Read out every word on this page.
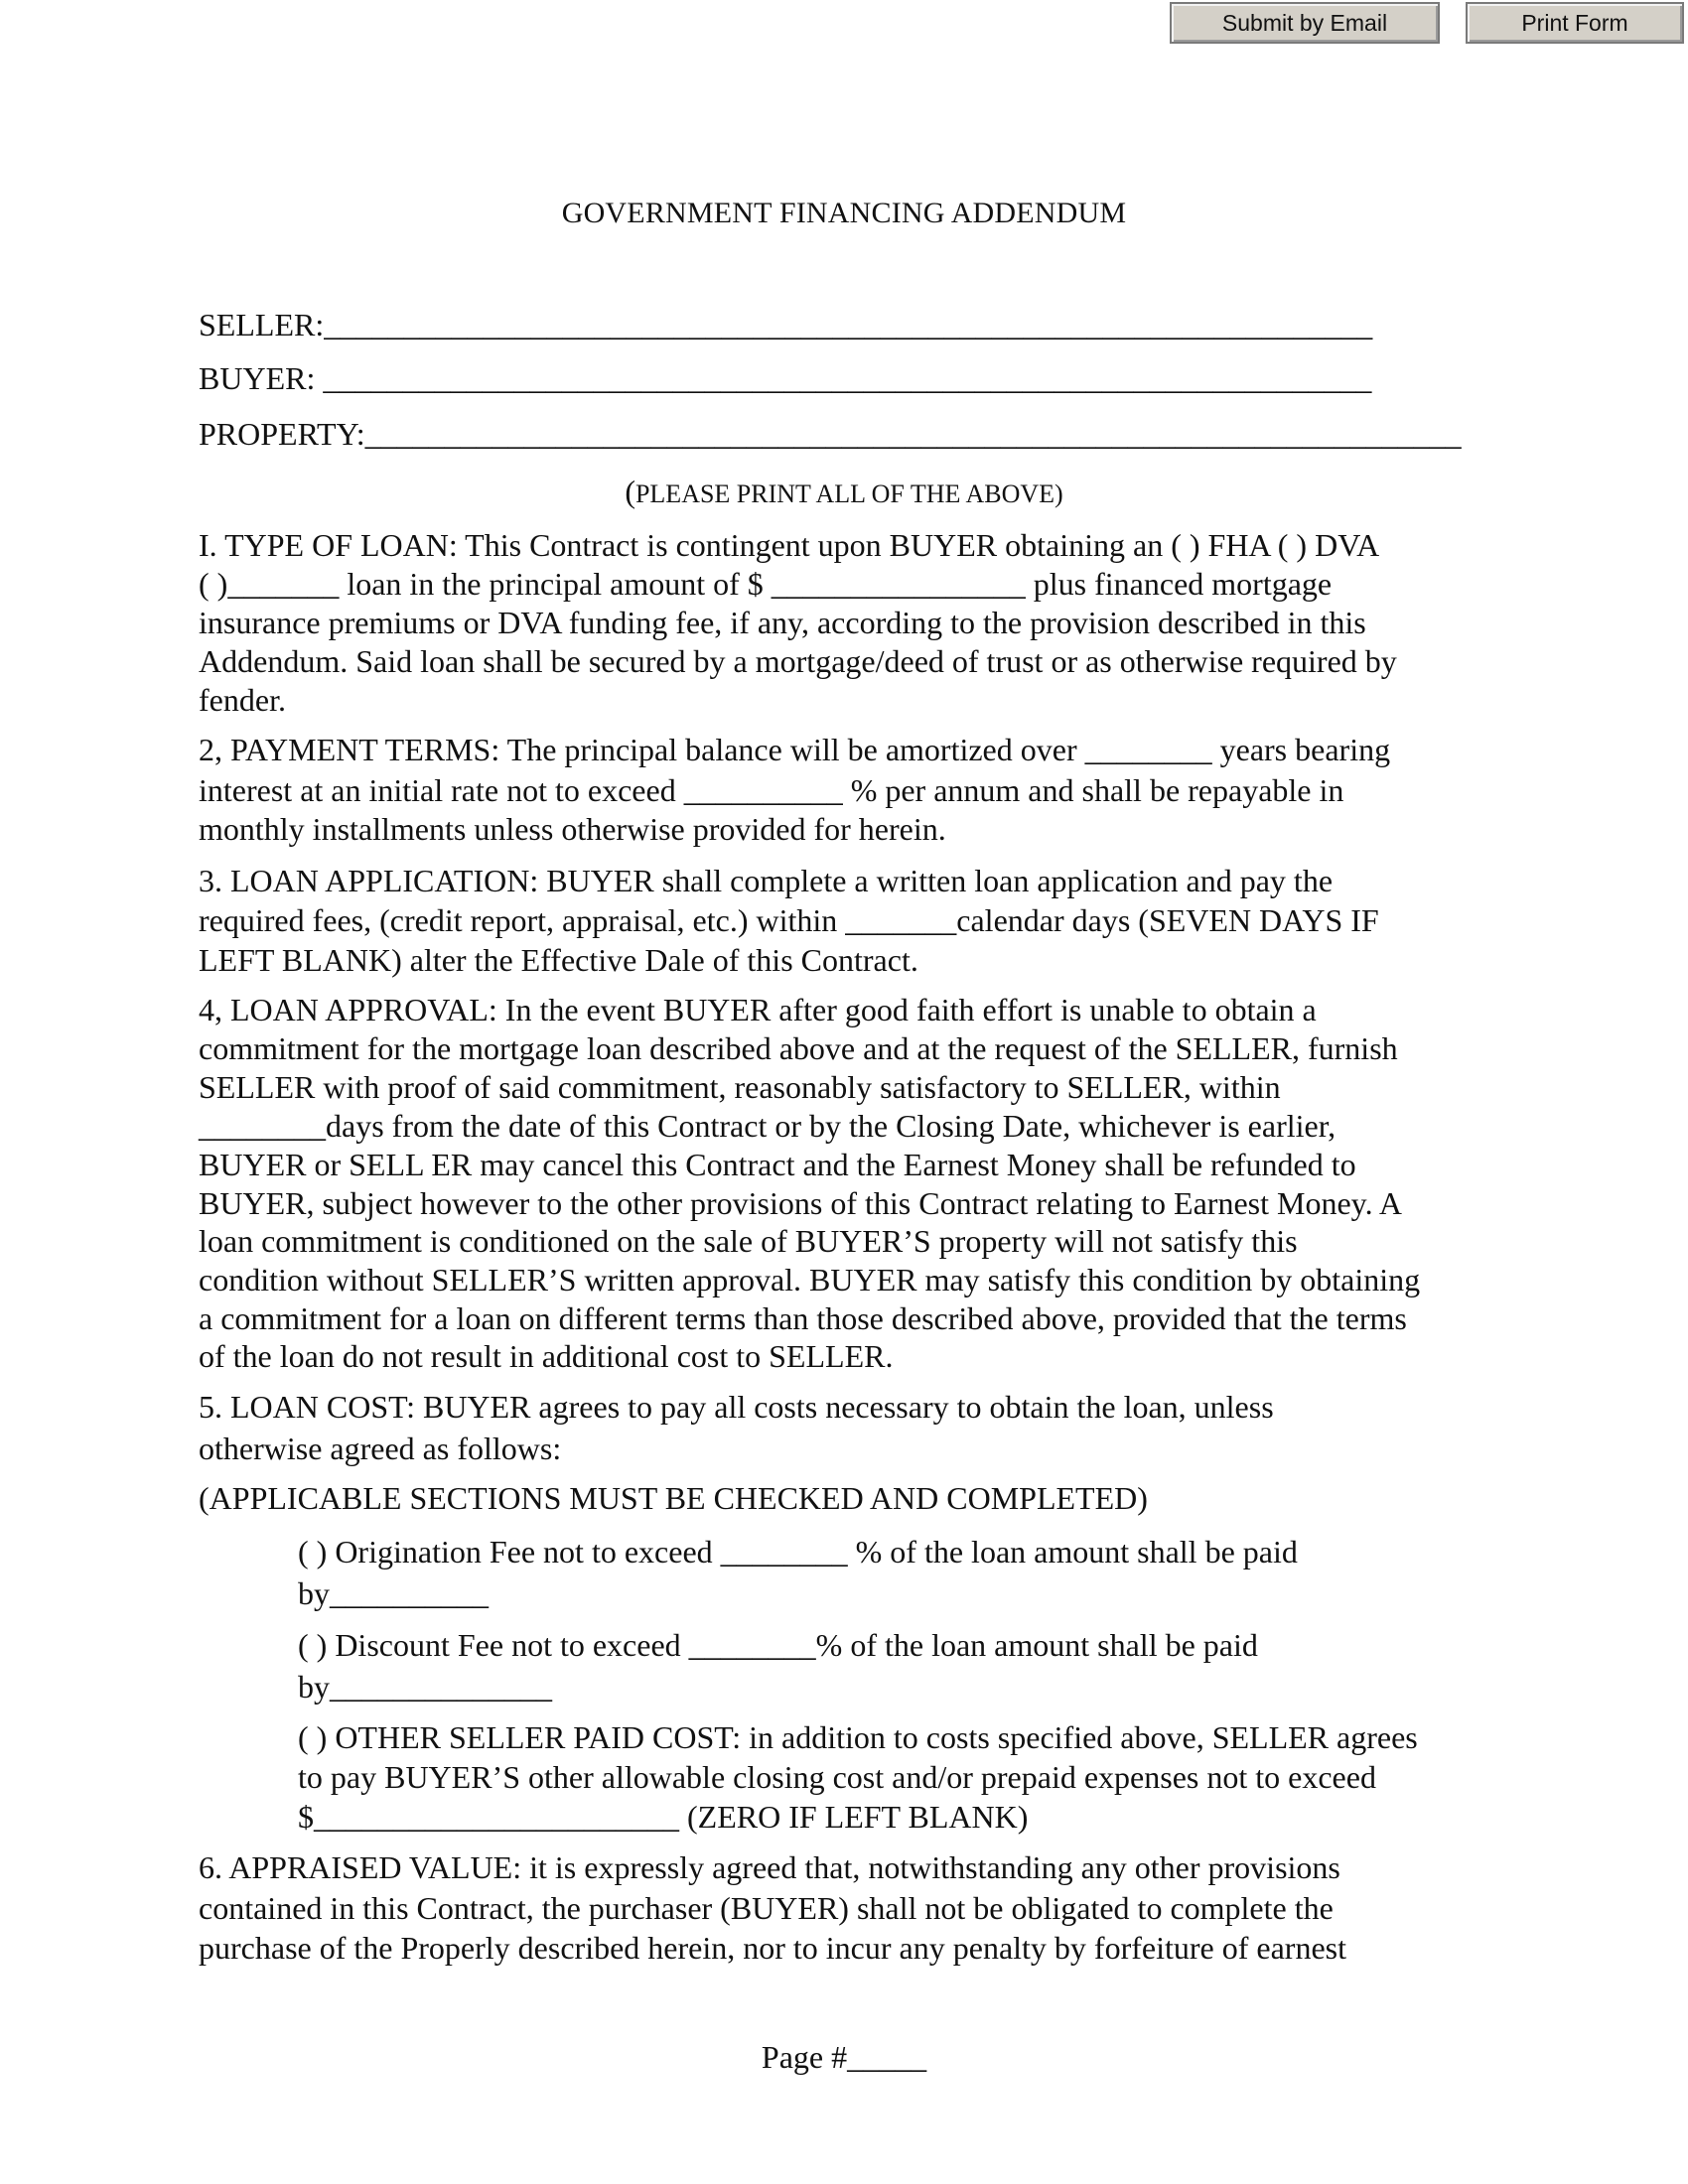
Submit by Email	Print Form
GOVERNMENT FINANCING ADDENDUM
SELLER:__________________________________________________________________
BUYER: __________________________________________________________________
PROPERTY:_____________________________________________________________________
(PLEASE PRINT ALL OF THE ABOVE)
I. TYPE OF LOAN: This Contract is contingent upon BUYER obtaining an ( ) FHA ( ) DVA
( )_______ loan in the principal amount of $ ________________ plus financed mortgage
insurance premiums or DVA funding fee, if any, according to the provision described in this
Addendum. Said loan shall be secured by a mortgage/deed of trust or as otherwise required by
fender.
2, PAYMENT TERMS: The principal balance will be amortized over ________ years bearing
interest at an initial rate not to exceed __________ % per annum and shall be repayable in
monthly installments unless otherwise provided for herein.
3. LOAN APPLICATION: BUYER shall complete a written loan application and pay the
required fees, (credit report, appraisal, etc.) within _______calendar days (SEVEN DAYS IF
LEFT BLANK) alter the Effective Dale of this Contract.
4, LOAN APPROVAL: In the event BUYER after good faith effort is unable to obtain a
commitment for the mortgage loan described above and at the request of the SELLER, furnish
SELLER with proof of said commitment, reasonably satisfactory to SELLER, within
________days from the date of this Contract or by the Closing Date, whichever is earlier,
BUYER or SELL ER may cancel this Contract and the Earnest Money shall be refunded to
BUYER, subject however to the other provisions of this Contract relating to Earnest Money. A
loan commitment is conditioned on the sale of BUYER’S property will not satisfy this
condition without SELLER’S written approval. BUYER may satisfy this condition by obtaining
a commitment for a loan on different terms than those described above, provided that the terms
of the loan do not result in additional cost to SELLER.
5. LOAN COST: BUYER agrees to pay all costs necessary to obtain the loan, unless
otherwise agreed as follows:
(APPLICABLE SECTIONS MUST BE CHECKED AND COMPLETED)
( ) Origination Fee not to exceed ________ % of the loan amount shall be paid
by__________
( ) Discount Fee not to exceed ________% of the loan amount shall be paid
by______________
( ) OTHER SELLER PAID COST: in addition to costs specified above, SELLER agrees
to pay BUYER’S other allowable closing cost and/or prepaid expenses not to exceed
$_______________________ (ZERO IF LEFT BLANK)
6. APPRAISED VALUE: it is expressly agreed that, notwithstanding any other provisions
contained in this Contract, the purchaser (BUYER) shall not be obligated to complete the
purchase of the Properly described herein, nor to incur any penalty by forfeiture of earnest
Page #_____
